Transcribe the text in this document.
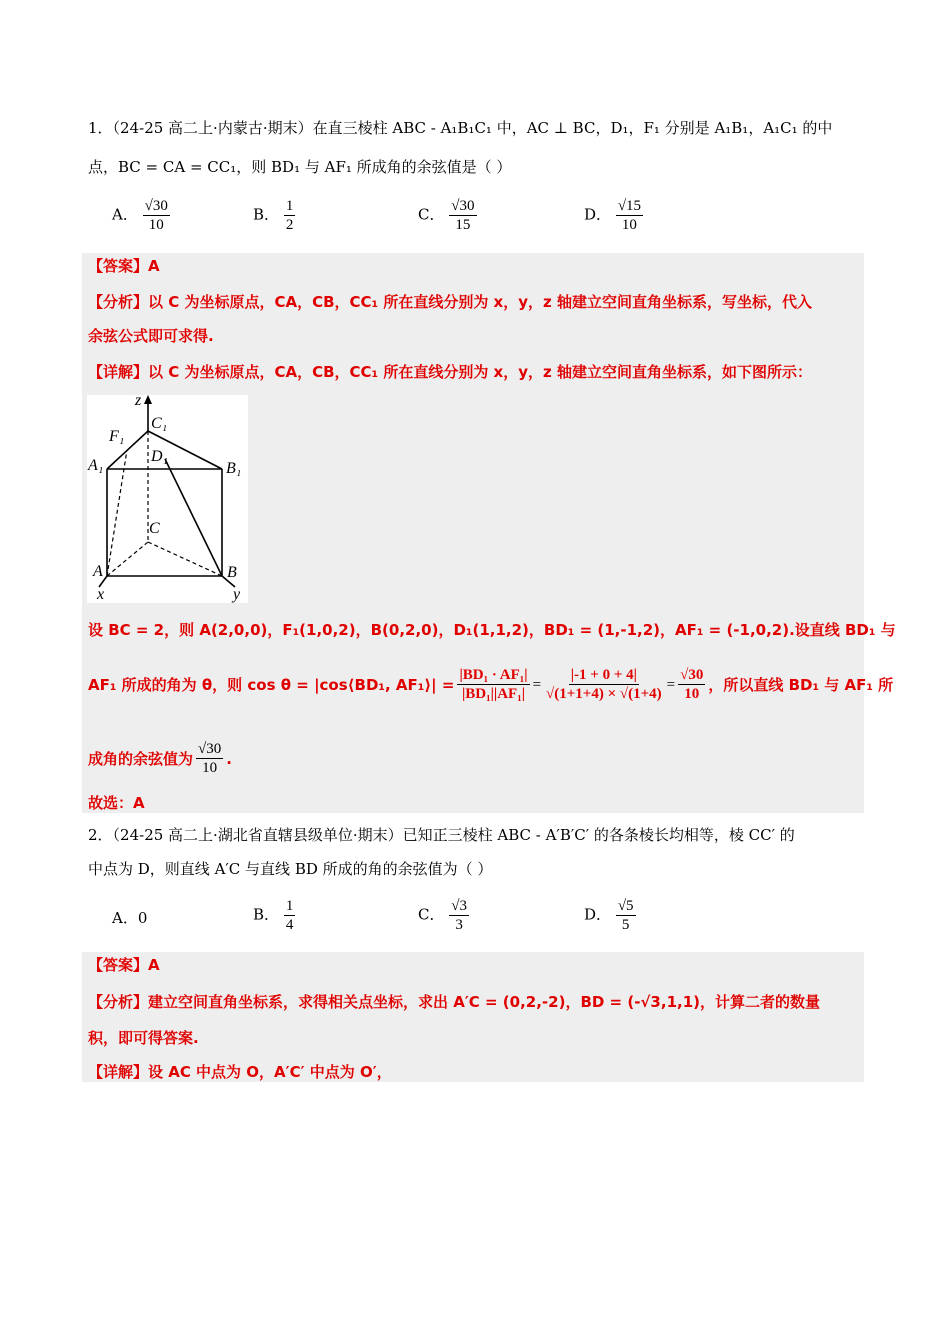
1．（24-25 高二上·内蒙古·期末）在直三棱柱 ABC - A₁B₁C₁ 中，AC ⊥ BC，D₁，F₁ 分别是 A₁B₁，A₁C₁ 的中
点，BC = CA = CC₁，则 BD₁ 与 AF₁ 所成角的余弦值是（ ）
A． $\frac{√30}{10}$	B． $\frac{1}{2}$	C． $\frac{√30}{15}$	D． $\frac{√15}{10}$
【答案】A
【分析】以 C 为坐标原点，CA，CB，CC₁ 所在直线分别为 x，y，z 轴建立空间直角坐标系，写坐标，代入
余弦公式即可求得.
【详解】以 C 为坐标原点，CA，CB，CC₁ 所在直线分别为 x，y，z 轴建立空间直角坐标系，如下图所示：
z
C₁
F₁
A₁
D₁
B₁
C
A	B
x	y
设 BC = 2，则 A(2,0,0)，F₁(1,0,2)，B(0,2,0)，D₁(1,1,2)，BD₁ = (1,-1,2)，AF₁ = (-1,0,2).设直线 BD₁ 与
AF₁ 所成的角为 θ，则 cos θ = |cos⟨BD₁, AF₁⟩| = $\frac{\text{|BD₁ · AF₁|}}{\text{|BD₁||AF₁|}} = \frac{|-1 + 0 + 4|}{√(1+1+4) \times √(1+4)} = \frac{√30}{10}$ ，所以直线 BD₁ 与 AF₁ 所
成角的余弦值为 $\frac{√30}{10}$ .
故选：A
2．（24-25 高二上·湖北省直辖县级单位·期末）已知正三棱柱 ABC - A′B′C′ 的各条棱长均相等，棱 CC′ 的
中点为 D，则直线 A′C 与直线 BD 所成的角的余弦值为（ ）
A．0	B． $\frac{1}{4}$	C． $\frac{√3}{3}$	D． $\frac{√5}{5}$
【答案】A
【分析】建立空间直角坐标系，求得相关点坐标，求出 A′C = (0,2,-2)，BD = (-√3,1,1)，计算二者的数量
积，即可得答案.
【详解】设 AC 中点为 O，A′C′ 中点为 O′，
